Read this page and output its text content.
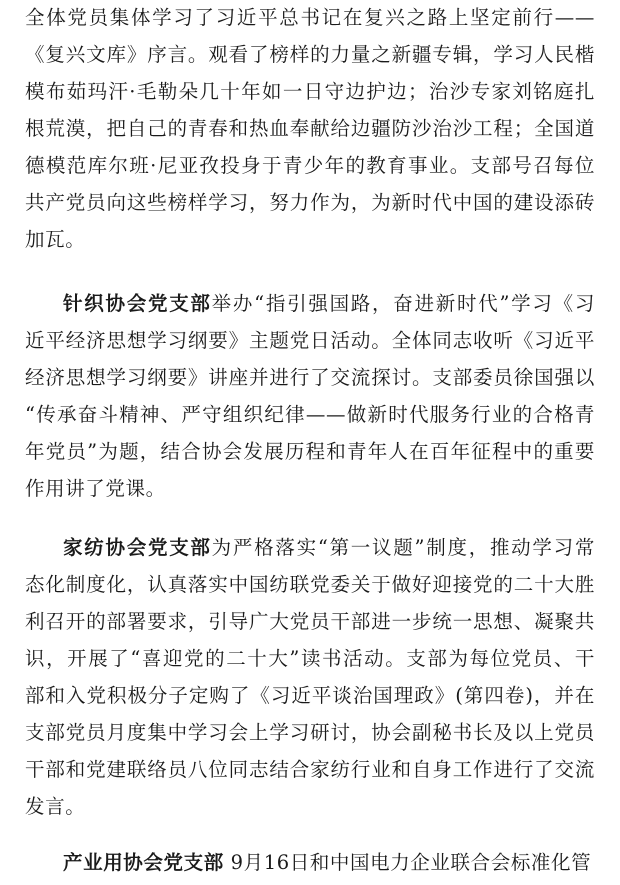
全体党员集体学习了习近平总书记在复兴之路上坚定前行——
《复兴文库》序言。观看了榜样的力量之新疆专辑，学习人民楷
模布茹玛汗·毛勒朵几十年如一日守边护边；治沙专家刘铭庭扎
根荒漠，把自己的青春和热血奉献给边疆防沙治沙工程；全国道
德模范库尔班·尼亚孜投身于青少年的教育事业。支部号召每位
共产党员向这些榜样学习，努力作为，为新时代中国的建设添砖
加瓦。
针织协会党支部举办“指引强国路，奋进新时代”学习《习
近平经济思想学习纲要》主题党日活动。全体同志收听《习近平
经济思想学习纲要》讲座并进行了交流探讨。支部委员徐国强以
“传承奋斗精神、严守组织纪律——做新时代服务行业的合格青
年党员”为题，结合协会发展历程和青年人在百年征程中的重要
作用讲了党课。
家纺协会党支部为严格落实“第一议题”制度，推动学习常
态化制度化，认真落实中国纺联党委关于做好迎接党的二十大胜
利召开的部署要求，引导广大党员干部进一步统一思想、凝聚共
识，开展了“喜迎党的二十大”读书活动。支部为每位党员、干
部和入党积极分子定购了《习近平谈治国理政》(第四卷)，并在
支部党员月度集中学习会上学习研讨，协会副秘书长及以上党员
干部和党建联络员八位同志结合家纺行业和自身工作进行了交流
发言。
产业用协会党支部 9月16日和中国电力企业联合会标准化管
